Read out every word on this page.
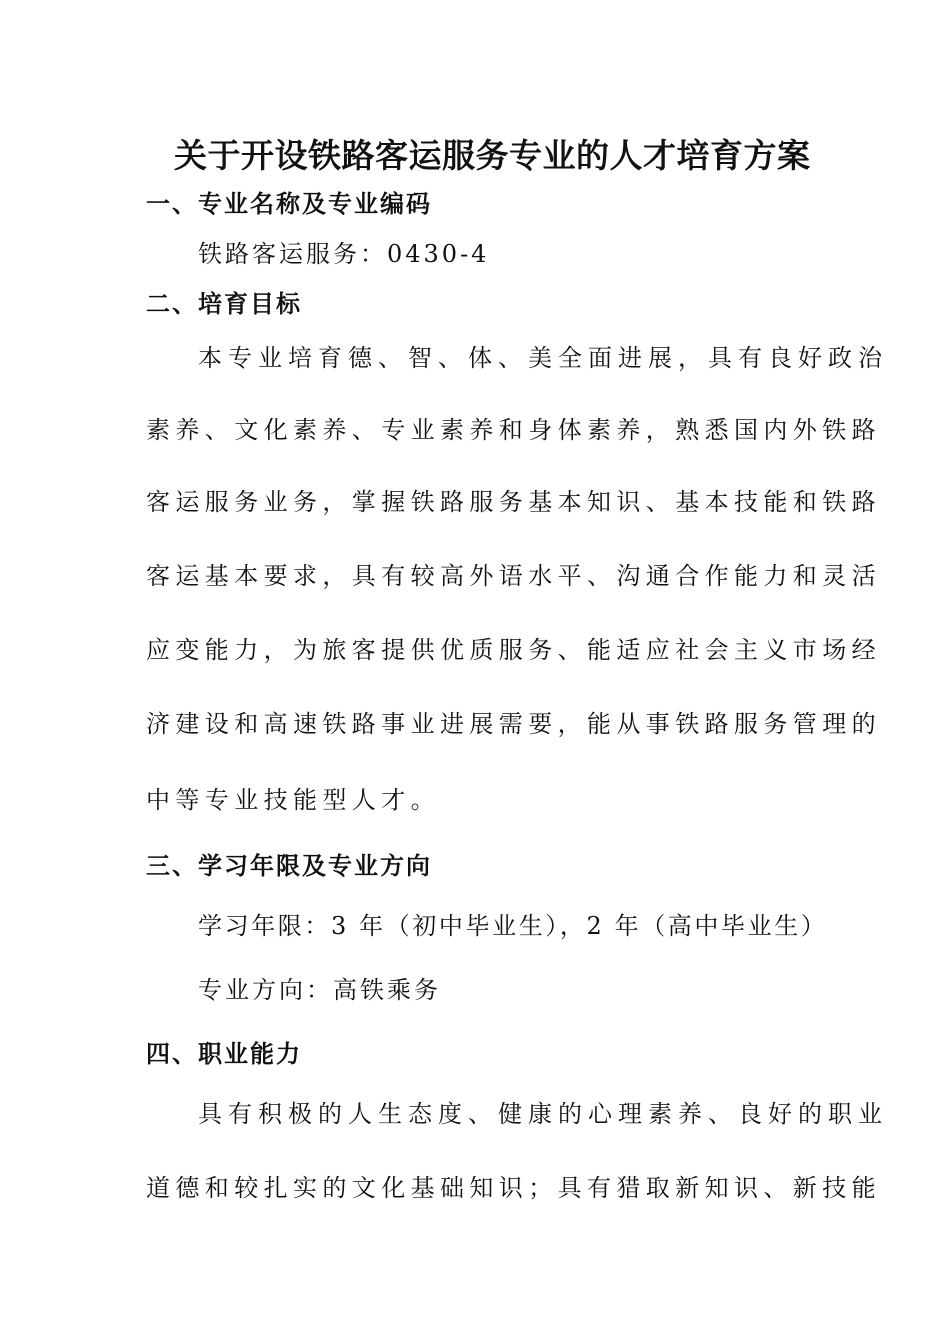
关于开设铁路客运服务专业的人才培育方案
一、专业名称及专业编码
铁路客运服务：0430-4
二、培育目标
本专业培育德、智、体、美全面进展，具有良好政治
素养、文化素养、专业素养和身体素养，熟悉国内外铁路
客运服务业务，掌握铁路服务基本知识、基本技能和铁路
客运基本要求，具有较高外语水平、沟通合作能力和灵活
应变能力，为旅客提供优质服务、能适应社会主义市场经
济建设和高速铁路事业进展需要，能从事铁路服务管理的
中等专业技能型人才。
三、学习年限及专业方向
学习年限：3 年（初中毕业生），2 年（高中毕业生）
专业方向：高铁乘务
四、职业能力
具有积极的人生态度、健康的心理素养、良好的职业
道德和较扎实的文化基础知识；具有猎取新知识、新技能
